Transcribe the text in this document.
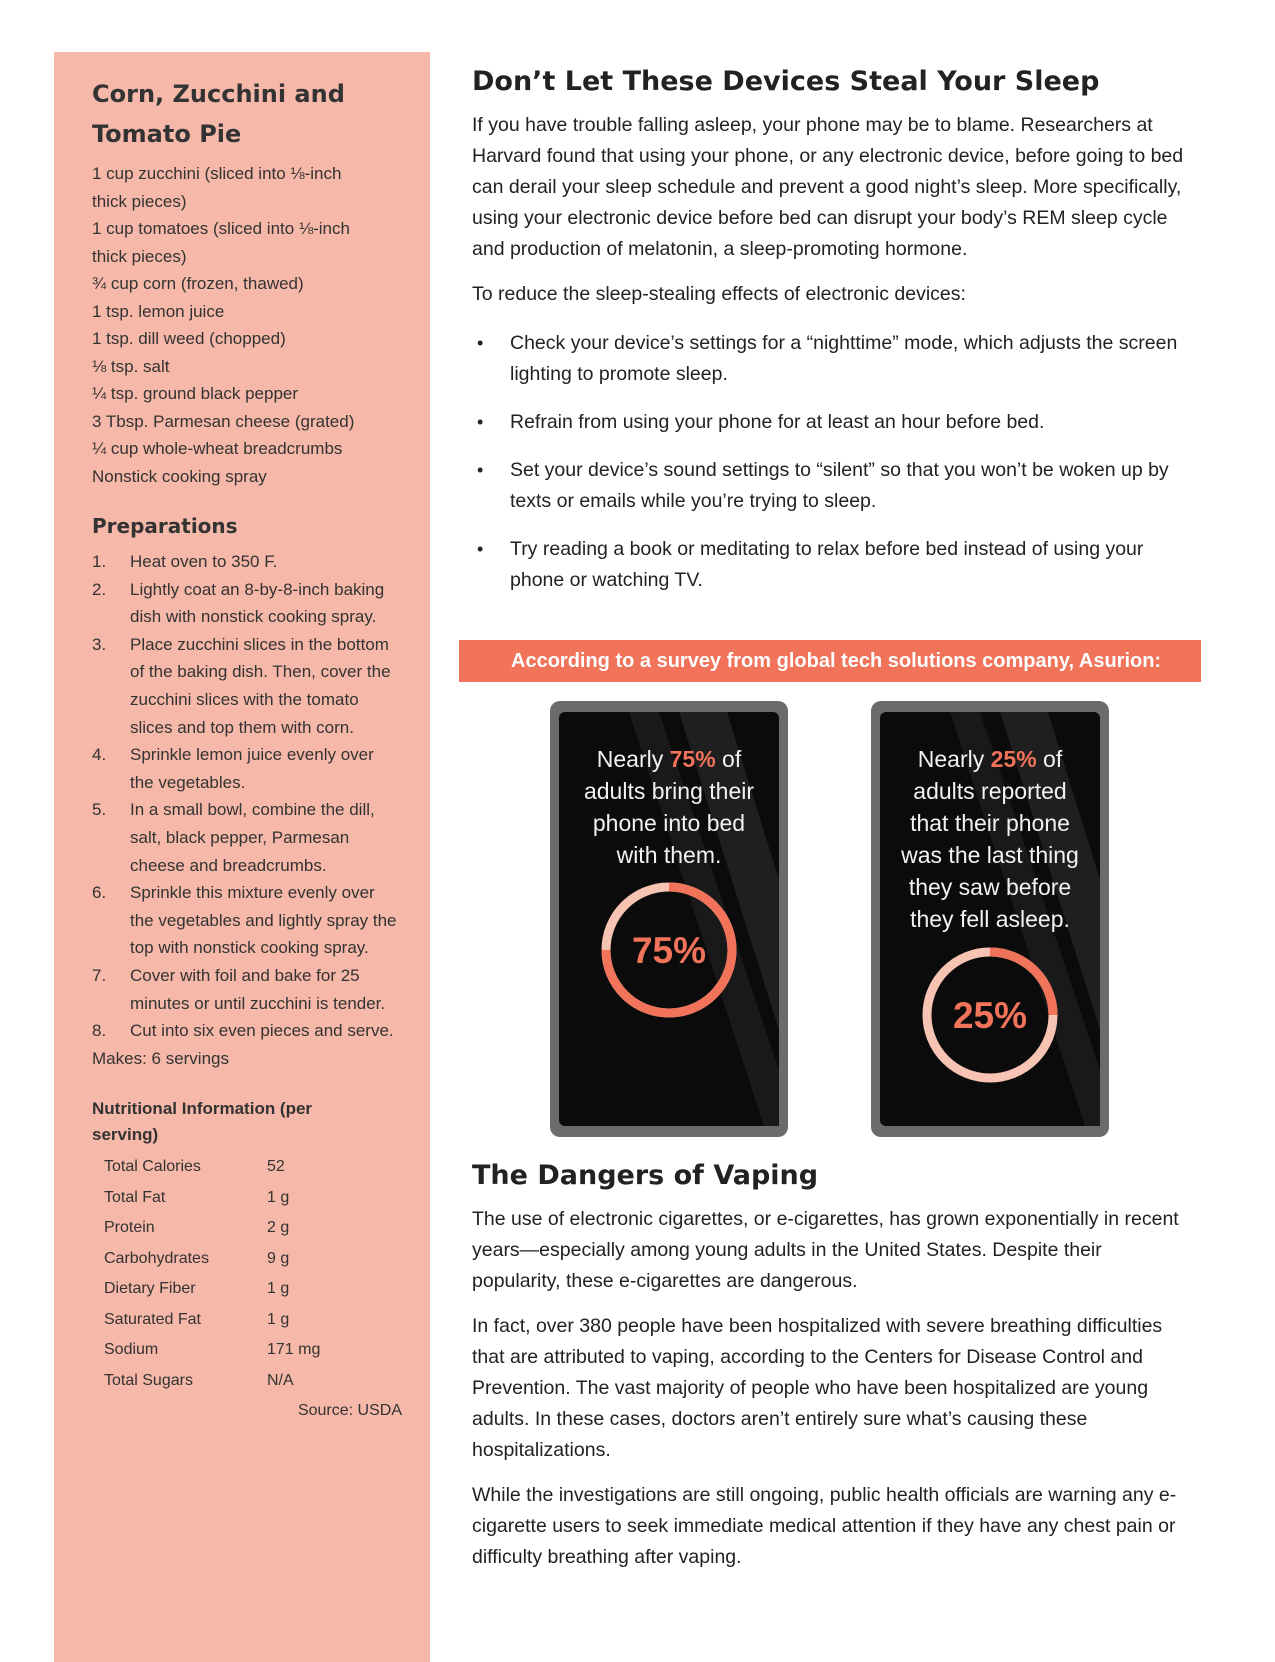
Corn, Zucchini and
Tomato Pie
1 cup zucchini (sliced into ⅛-inch
thick pieces)
1 cup tomatoes (sliced into ⅛-inch
thick pieces)
¾ cup corn (frozen, thawed)
1 tsp. lemon juice
1 tsp. dill weed (chopped)
⅛ tsp. salt
¼ tsp. ground black pepper
3 Tbsp. Parmesan cheese (grated)
¼ cup whole-wheat breadcrumbs
Nonstick cooking spray
Preparations
1. Heat oven to 350 F.
2. Lightly coat an 8-by-8-inch baking dish with nonstick cooking spray.
3. Place zucchini slices in the bottom of the baking dish. Then, cover the zucchini slices with the tomato slices and top them with corn.
4. Sprinkle lemon juice evenly over the vegetables.
5. In a small bowl, combine the dill, salt, black pepper, Parmesan cheese and breadcrumbs.
6. Sprinkle this mixture evenly over the vegetables and lightly spray the top with nonstick cooking spray.
7. Cover with foil and bake for 25 minutes or until zucchini is tender.
8. Cut into six even pieces and serve.
Makes: 6 servings
Nutritional Information (per
serving)
Total Calories	52
Total Fat	1 g
Protein	2 g
Carbohydrates	9 g
Dietary Fiber	1 g
Saturated Fat	1 g
Sodium	171 mg
Total Sugars	N/A
Source: USDA
Don’t Let These Devices Steal Your Sleep

If you have trouble falling asleep, your phone may be to blame. Researchers at Harvard found that using your phone, or any electronic device, before going to bed can derail your sleep schedule and prevent a good night’s sleep. More specifically, using your electronic device before bed can disrupt your body’s REM sleep cycle and production of melatonin, a sleep-promoting hormone.

To reduce the sleep-stealing effects of electronic devices:

• Check your device’s settings for a “nighttime” mode, which adjusts the screen lighting to promote sleep.
• Refrain from using your phone for at least an hour before bed.
• Set your device’s sound settings to “silent” so that you won’t be woken up by texts or emails while you’re trying to sleep.
• Try reading a book or meditating to relax before bed instead of using your phone or watching TV.
According to a survey from global tech solutions company, Asurion:
Nearly 75% of
adults bring their
phone into bed
with them.
75%
Nearly 25% of
adults reported
that their phone
was the last thing
they saw before
they fell asleep.
25%
The Dangers of Vaping

The use of electronic cigarettes, or e-cigarettes, has grown exponentially in recent years—especially among young adults in the United States. Despite their popularity, these e-cigarettes are dangerous.

In fact, over 380 people have been hospitalized with severe breathing difficulties that are attributed to vaping, according to the Centers for Disease Control and Prevention. The vast majority of people who have been hospitalized are young adults. In these cases, doctors aren’t entirely sure what’s causing these hospitalizations.

While the investigations are still ongoing, public health officials are warning any e-cigarette users to seek immediate medical attention if they have any chest pain or difficulty breathing after vaping.
